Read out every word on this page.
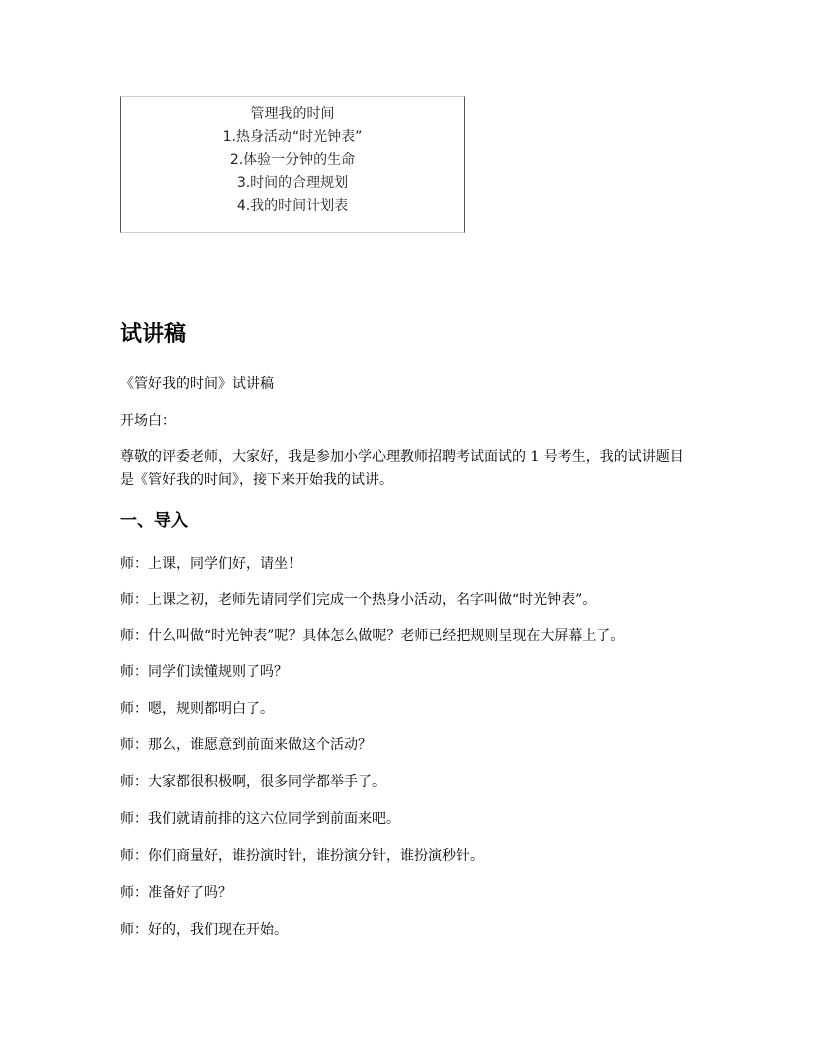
管理我的时间
1.热身活动“时光钟表”
2.体验一分钟的生命
3.时间的合理规划
4.我的时间计划表
试讲稿
《管好我的时间》试讲稿
开场白：
尊敬的评委老师，大家好，我是参加小学心理教师招聘考试面试的 1 号考生，我的试讲题目是《管好我的时间》，接下来开始我的试讲。
一、导入
师：上课，同学们好，请坐！
师：上课之初，老师先请同学们完成一个热身小活动，名字叫做“时光钟表”。
师：什么叫做“时光钟表”呢？具体怎么做呢？老师已经把规则呈现在大屏幕上了。
师：同学们读懂规则了吗？
师：嗯，规则都明白了。
师：那么，谁愿意到前面来做这个活动？
师：大家都很积极啊，很多同学都举手了。
师：我们就请前排的这六位同学到前面来吧。
师：你们商量好，谁扮演时针，谁扮演分针，谁扮演秒针。
师：准备好了吗？
师：好的，我们现在开始。
